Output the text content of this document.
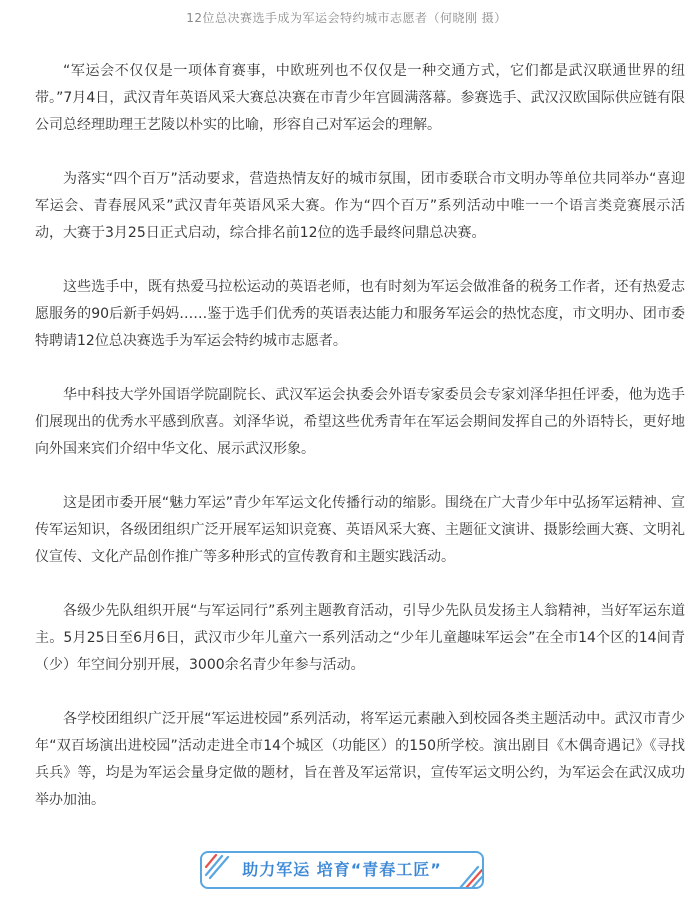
12位总决赛选手成为军运会特约城市志愿者（何晓刚 摄）

“军运会不仅仅是一项体育赛事，中欧班列也不仅仅是一种交通方式，它们都是武汉联通世界的纽带。”7月4日，武汉青年英语风采大赛总决赛在市青少年宫圆满落幕。参赛选手、武汉汉欧国际供应链有限公司总经理助理王艺陵以朴实的比喻，形容自己对军运会的理解。

为落实“四个百万”活动要求，营造热情友好的城市氛围，团市委联合市文明办等单位共同举办“喜迎军运会、青春展风采”武汉青年英语风采大赛。作为“四个百万”系列活动中唯一一个语言类竞赛展示活动，大赛于3月25日正式启动，综合排名前12位的选手最终问鼎总决赛。

这些选手中，既有热爱马拉松运动的英语老师，也有时刻为军运会做准备的税务工作者，还有热爱志愿服务的90后新手妈妈……鉴于选手们优秀的英语表达能力和服务军运会的热忱态度，市文明办、团市委特聘请12位总决赛选手为军运会特约城市志愿者。

华中科技大学外国语学院副院长、武汉军运会执委会外语专家委员会专家刘泽华担任评委，他为选手们展现出的优秀水平感到欣喜。刘泽华说，希望这些优秀青年在军运会期间发挥自己的外语特长，更好地向外国来宾们介绍中华文化、展示武汉形象。

这是团市委开展“魅力军运”青少年军运文化传播行动的缩影。围绕在广大青少年中弘扬军运精神、宣传军运知识，各级团组织广泛开展军运知识竞赛、英语风采大赛、主题征文演讲、摄影绘画大赛、文明礼仪宣传、文化产品创作推广等多种形式的宣传教育和主题实践活动。

各级少先队组织开展“与军运同行”系列主题教育活动，引导少先队员发扬主人翁精神，当好军运东道主。5月25日至6月6日，武汉市少年儿童六一系列活动之“少年儿童趣味军运会”在全市14个区的14间青（少）年空间分别开展，3000余名青少年参与活动。

各学校团组织广泛开展“军运进校园”系列活动，将军运元素融入到校园各类主题活动中。武汉市青少年“双百场演出进校园”活动走进全市14个城区（功能区）的150所学校。演出剧目《木偶奇遇记》《寻找兵兵》等，均是为军运会量身定做的题材，旨在普及军运常识，宣传军运文明公约，为军运会在武汉成功举办加油。

助力军运 培育“青春工匠”
